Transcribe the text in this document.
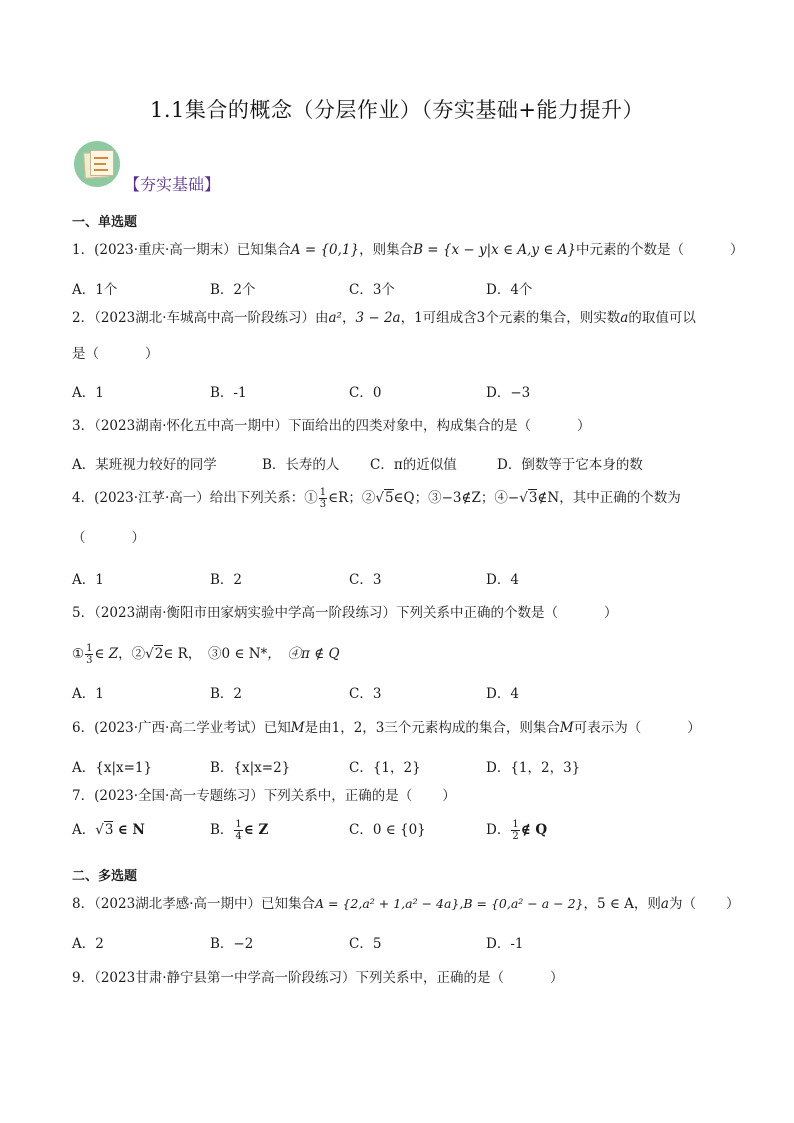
1.1集合的概念（分层作业）（夯实基础+能力提升）
【夯实基础】
一、单选题
1．(2023·重庆·高一期末）已知集合A = {0,1}，则集合B = {x − y|x ∈ A,y ∈ A}中元素的个数是（	）
A．1个	B．2个	C．3个	D．4个
2．（2023湖北·车城高中高一阶段练习）由a²，3 − 2a，1可组成含3个元素的集合，则实数a的取值可以
是（	）
A．1	B．-1	C．0	D．−3
3．（2023湖南·怀化五中高一期中）下面给出的四类对象中，构成集合的是（	）
A．某班视力较好的同学	B．长寿的人 C．π的近似值	D．倒数等于它本身的数
4．(2023·江苸·高一）给出下列关系：① $\frac{1}{3}$ ∈R；②√5∈Q；③−3∉Z；④−√3∉N，其中正确的个数为
（	）
A．1	B．2	C．3	D．4
5．（2023湖南·衡阳市田家炳实验中学高一阶段练习）下列关系中正确的个数是（	）
① $\frac{1}{3}$ ∈ Z，②√2∈ R，　③0 ∈ N*，　④π ∉ Q
A．1	B．2	C．3	D．4
6．(2023·广西·高二学业考试）已知M是由1，2，3三个元素构成的集合，则集合M可表示为（	）
A．{x|x=1}	B．{x|x=2}	C．{1，2}	D．{1，2，3}
7．(2023·全国·高一专题练习）下列关系中，正确的是（ ）
A．√3 ∈ N	B． $\frac{1}{4}$ ∈ Z	C．0 ∈ {0}	D． $\frac{1}{2}$ ∉ Q
二、多选题
8．（2023湖北孝感·高一期中）已知集合A = {2,a² + 1,a² − 4a},B = {0,a² − a − 2}，5 ∈ A，则a为（ ）
A．2	B．−2	C．5	D．-1
9．（2023甘肃·静宁县第一中学高一阶段练习）下列关系中，正确的是（	）
